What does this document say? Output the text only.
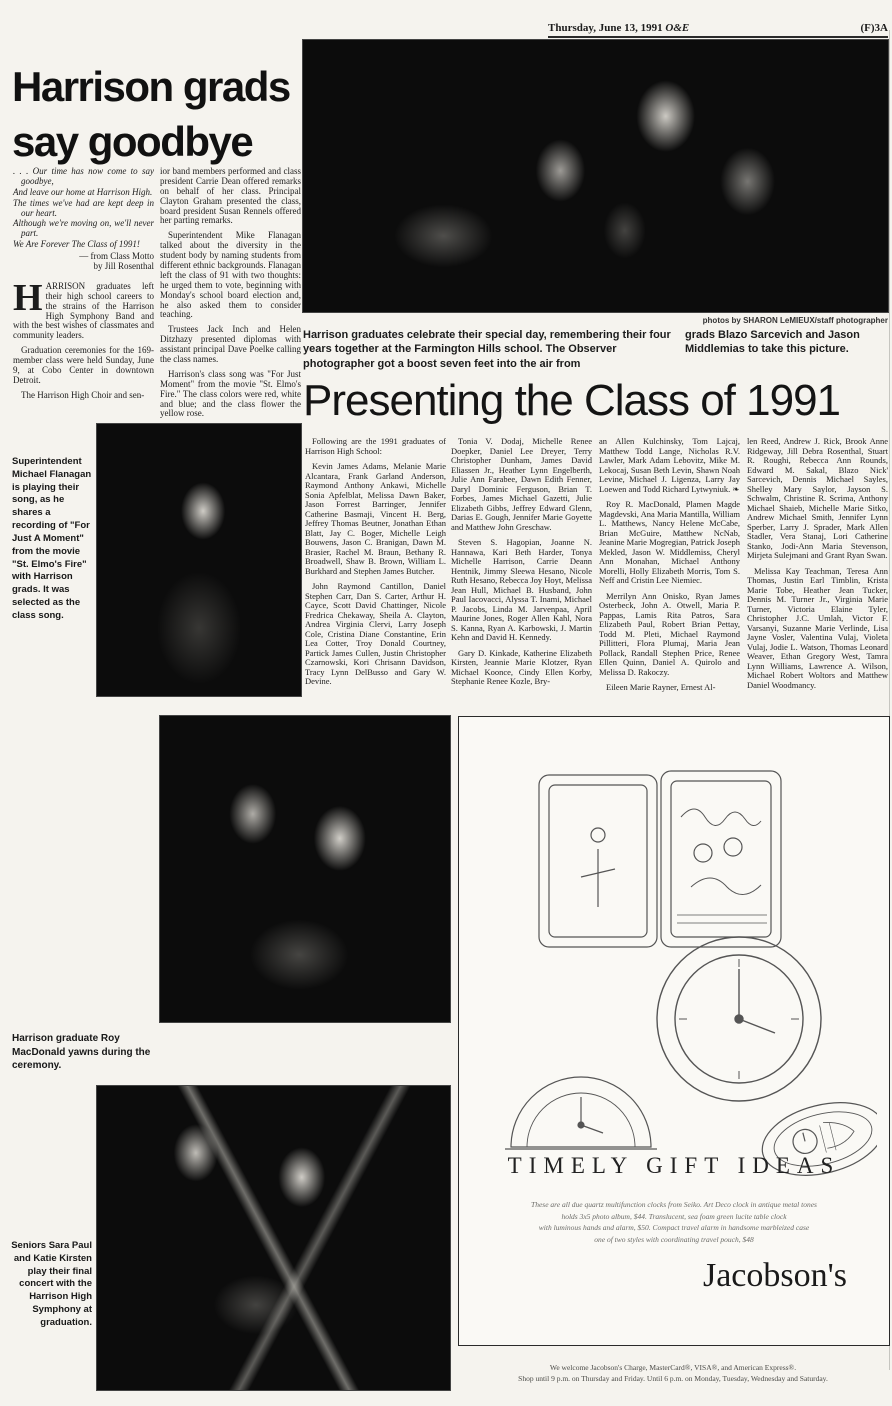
Thursday, June 13, 1991 O&E	(F)3A
Harrison grads
say goodbye
photos by SHARON LeMIEUX/staff photographer
Harrison graduates celebrate their special day, remembering their four years together at the Farmington Hills school. The Observer photographer got a boost seven feet into the air from
grads Blazo Sarcevich and Jason Middlemias to take this picture.
. . . Our time has now come to say goodbye,
And leave our home at Harrison High.
The times we've had are kept deep in our heart.
Although we're moving on, we'll never part.
We Are Forever The Class of 1991!
— from Class Motto
by Jill Rosenthal

H ARRISON graduates left their high school careers to the strains of the Harrison High Symphony Band and with the best wishes of classmates and community leaders.

Graduation ceremonies for the 169-member class were held Sunday, June 9, at Cobo Center in downtown Detroit.

The Harrison High Choir and sen-

ior band members performed and class president Carrie Dean offered remarks on behalf of her class. Principal Clayton Graham presented the class, board president Susan Rennels offered her parting remarks.

Superintendent Mike Flanagan talked about the diversity in the student body by naming students from different ethnic backgrounds. Flanagan left the class of 91 with two thoughts: he urged them to vote, beginning with Monday's school board election and, he also asked them to consider teaching.

Trustees Jack Inch and Helen Ditzhazy presented diplomas with assistant principal Dave Poelke calling the class names.

Harrison's class song was "For Just Moment" from the movie "St. Elmo's Fire." The class colors were red, white and blue; and the class flower the yellow rose.	Presenting the Class of 1991

Following are the 1991 graduates of Harrison High School:

Kevin James Adams, Melanie Marie Alcantara, Frank Garland Anderson, Raymond Anthony Ankawi, Michelle Sonia Apfelblat, Melissa Dawn Baker, Jason Forrest Barringer, Jennifer Catherine Basmaji, Vincent H. Berg, Jeffrey Thomas Beutner, Jonathan Ethan Blatt, Jay C. Boger, Michelle Leigh Bouwens, Jason C. Branigan, Dawn M. Brasier, Rachel M. Braun, Bethany R. Broadwell, Shaw B. Brown, William L. Burkhard and Stephen James Butcher.

John Raymond Cantillon, Daniel Stephen Carr, Dan S. Carter, Arthur H. Cayce, Scott David Chattinger, Nicole Fredrica Chekaway, Sheila A. Clayton, Andrea Virginia Clervi, Larry Joseph Cole, Cristina Diane Constantine, Erin Lea Cotter, Troy Donald Courtney, Partick James Cullen, Justin Christopher Czarnowski, Kori Chrisann Davidson, Tracy Lynn DelBusso and Gary W. Devine.

Tonia V. Dodaj, Michelle Renee Doepker, Daniel Lee Dreyer, Terry Christopher Dunham, James David Eliassen Jr., Heather Lynn Engelberth, Julie Ann Farabee, Dawn Edith Fenner, Daryl Dominic Ferguson, Brian T. Forbes, James Michael Gazetti, Julie Elizabeth Gibbs, Jeffrey Edward Glenn, Darias E. Gough, Jennifer Marie Goyette and Matthew John Greschaw.

Steven S. Hagopian, Joanne N. Hannawa, Kari Beth Harder, Tonya Michelle Harrison, Carrie Deann Hentnik, Jimmy Sleewa Hesano, Nicole Ruth Hesano, Rebecca Joy Hoyt, Melissa Jean Hull, Michael B. Husband, John Paul Iacovacci, Alyssa T. Inami, Michael P. Jacobs, Linda M. Jarvenpaa, April Maurine Jones, Roger Allen Kahl, Nora S. Kanna, Ryan A. Karbowski, J. Martin Kehn and David H. Kennedy.

Gary D. Kinkade, Katherine Elizabeth Kirsten, Jeannie Marie Klotzer, Ryan Michael Koonce, Cindy Ellen Korby, Stephanie Renee Kozle, Bry-

an Allen Kulchinsky, Tom Lajcaj, Matthew Todd Lange, Nicholas R.V. Lawler, Mark Adam Lebovitz, Mike M. Lekocaj, Susan Beth Levin, Shawn Noah Levine, Michael J. Ligenza, Larry Jay Loewen and Todd Richard Lytwyniuk. ❧

Roy R. MacDonald, Plamen Magde Magdevski, Ana Maria Mantilla, William L. Matthews, Nancy Helene McCabe, Brian McGuire, Matthew NcNab, Jeanine Marie Mogregian, Patrick Joseph Mekled, Jason W. Middlemiss, Cheryl Ann Monahan, Michael Anthony Morelli, Holly Elizabeth Morris, Tom S. Neff and Cristin Lee Niemiec.

Merrilyn Ann Onisko, Ryan James Osterbeck, John A. Otwell, Maria P. Pappas, Lamis Rita Patros, Sara Elizabeth Paul, Robert Brian Pettay, Todd M. Pleti, Michael Raymond Pillitteri, Flora Plumaj, Maria Jean Pollack, Randall Stephen Price, Renee Ellen Quinn, Daniel A. Quirolo and Melissa D. Rakoczy.

Eileen Marie Rayner, Ernest Al-

len Reed, Andrew J. Rick, Brook Anne Ridgeway, Jill Debra Rosenthal, Stuart R. Roughi, Rebecca Ann Rounds, Edward M. Sakal, Blazo Nick' Sarcevich, Dennis Michael Sayles, Shelley Mary Saylor, Jayson S. Schwalm, Christine R. Scrima, Anthony Michael Shaieb, Michelle Marie Sitko, Andrew Michael Smith, Jennifer Lynn Sperber, Larry J. Sprader, Mark Allen Stadler, Vera Stanaj, Lori Catherine Stanko, Jodi-Ann Maria Stevenson, Mirjeta Sulejmani and Grant Ryan Swan.

Melissa Kay Teachman, Teresa Ann Thomas, Justin Earl Timblin, Krista Marie Tobe, Heather Jean Tucker, Dennis M. Turner Jr., Virginia Marie Turner, Victoria Elaine Tyler, Christopher J.C. Umlah, Victor F. Varsanyi, Suzanne Marie Verlinde, Lisa Jayne Vosler, Valentina Vulaj, Violeta Vulaj, Jodie L. Watson, Thomas Leonard Weaver, Ethan Gregory West, Tamra Lynn Williams, Lawrence A. Wilson, Michael Robert Woltors and Matthew Daniel Woodmancy.

Superintendent Michael Flanagan is playing their song, as he shares a recording of "For Just A Moment" from the movie "St. Elmo's Fire" with Harrison grads. It was selected as the class song.
Harrison graduate Roy MacDonald yawns during the ceremony.
Seniors Sara Paul and Katie Kirsten play their final concert with the Harrison High Symphony at graduation.
TIMELY GIFT IDEAS
These are all due quartz multifunction clocks from Seiko. Art Deco clock in antique metal tones
holds 3x5 photo album, $44. Translucent, sea foam green lucite table clock
with luminous hands and alarm, $50. Compact travel alarm in handsome marbleized case
one of two styles with coordinating travel pouch, $48
Jacobson's
We welcome Jacobson's Charge, MasterCard®, VISA®, and American Express®.
Shop until 9 p.m. on Thursday and Friday. Until 6 p.m. on Monday, Tuesday, Wednesday and Saturday.
